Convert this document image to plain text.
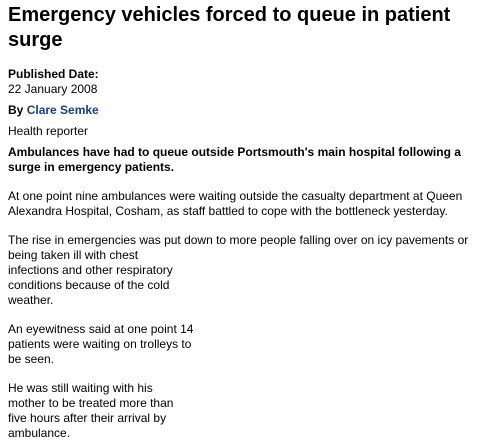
Emergency vehicles forced to queue in patient surge
Published Date:
22 January 2008
By Clare Semke
Health reporter
Ambulances have had to queue outside Portsmouth's main hospital following a surge in emergency patients.
At one point nine ambulances were waiting outside the casualty department at Queen Alexandra Hospital, Cosham, as staff battled to cope with the bottleneck yesterday.
The rise in emergencies was put down to more people falling over on icy pavements or being taken ill with chest
infections and other respiratory conditions because of the cold weather.
An eyewitness said at one point 14 patients were waiting on trolleys to be seen.
He was still waiting with his mother to be treated more than five hours after their arrival by ambulance.
